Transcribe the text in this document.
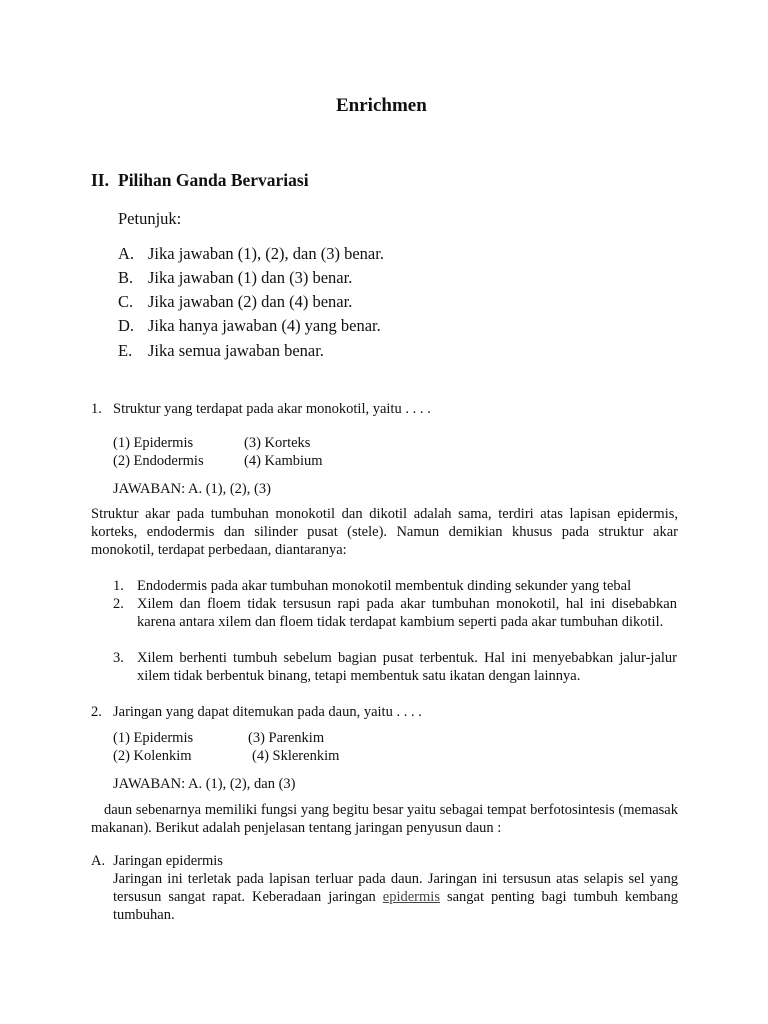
Enrichmen
II. Pilihan Ganda Bervariasi
Petunjuk:
A. Jika jawaban (1), (2), dan (3) benar.
B. Jika jawaban (1) dan (3) benar.
C. Jika jawaban (2) dan (4) benar.
D. Jika hanya jawaban (4) yang benar.
E. Jika semua jawaban benar.
1. Struktur yang terdapat pada akar monokotil, yaitu . . . .
(1) Epidermis	(3) Korteks
(2) Endodermis	(4) Kambium
JAWABAN: A. (1), (2), (3)
Struktur akar pada tumbuhan monokotil dan dikotil adalah sama, terdiri atas lapisan epidermis, korteks, endodermis dan silinder pusat (stele). Namun demikian khusus pada struktur akar monokotil, terdapat perbedaan, diantaranya:
1. Endodermis pada akar tumbuhan monokotil membentuk dinding sekunder yang tebal
2. Xilem dan floem tidak tersusun rapi pada akar tumbuhan monokotil, hal ini disebabkan karena antara xilem dan floem tidak terdapat kambium seperti pada akar tumbuhan dikotil.
3. Xilem berhenti tumbuh sebelum bagian pusat terbentuk. Hal ini menyebabkan jalur-jalur xilem tidak berbentuk binang, tetapi membentuk satu ikatan dengan lainnya.
2. Jaringan yang dapat ditemukan pada daun, yaitu . . . .
(1) Epidermis	(3) Parenkim
(2) Kolenkim	(4) Sklerenkim
JAWABAN: A. (1), (2), dan (3)
daun sebenarnya memiliki fungsi yang begitu besar yaitu sebagai tempat berfotosintesis (memasak makanan). Berikut adalah penjelasan tentang jaringan penyusun daun :
A. Jaringan epidermis
Jaringan ini terletak pada lapisan terluar pada daun. Jaringan ini tersusun atas selapis sel yang tersusun sangat rapat. Keberadaan jaringan epidermis sangat penting bagi tumbuh kembang tumbuhan.
